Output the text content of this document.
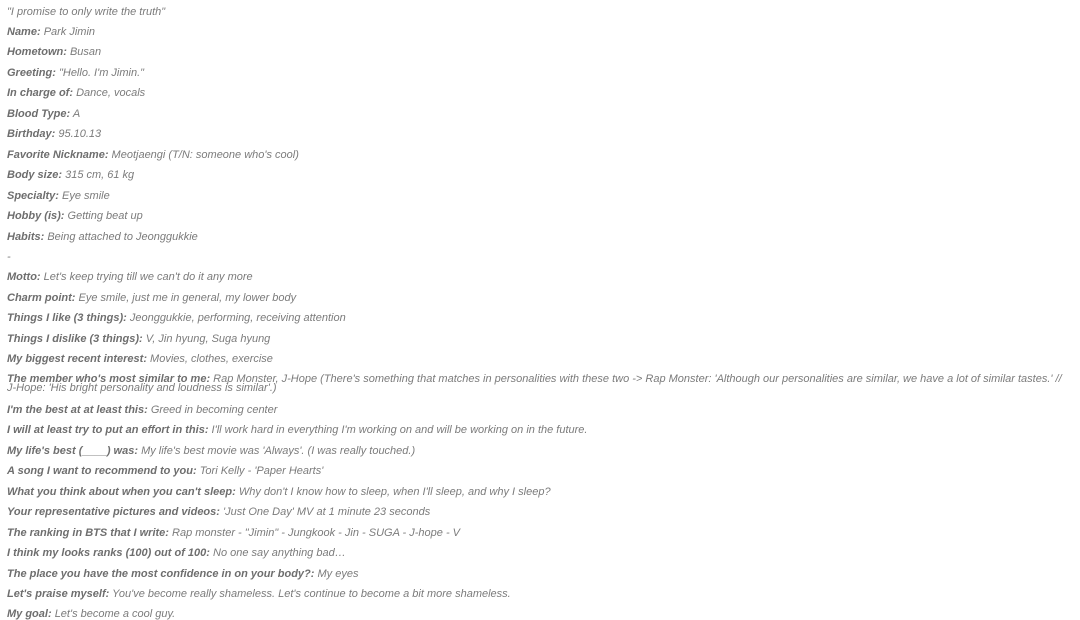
"I promise to only write the truth"
Name: Park Jimin
Hometown: Busan
Greeting: "Hello. I'm Jimin."
In charge of: Dance, vocals
Blood Type: A
Birthday: 95.10.13
Favorite Nickname: Meotjaengi (T/N: someone who's cool)
Body size: 315 cm, 61 kg
Specialty: Eye smile
Hobby (is): Getting beat up
Habits: Being attached to Jeonggukkie
-
Motto: Let's keep trying till we can't do it any more
Charm point: Eye smile, just me in general, my lower body
Things I like (3 things): Jeonggukkie, performing, receiving attention
Things I dislike (3 things): V, Jin hyung, Suga hyung
My biggest recent interest: Movies, clothes, exercise
The member who's most similar to me: Rap Monster, J-Hope (There's something that matches in personalities with these two -> Rap Monster: 'Although our personalities are similar, we have a lot of similar tastes.' // J-Hope: 'His bright personality and loudness is similar'.)
I'm the best at at least this: Greed in becoming center
I will at least try to put an effort in this: I'll work hard in everything I'm working on and will be working on in the future.
My life's best (____) was: My life's best movie was 'Always'. (I was really touched.)
A song I want to recommend to you: Tori Kelly - 'Paper Hearts'
What you think about when you can't sleep: Why don't I know how to sleep, when I'll sleep, and why I sleep?
Your representative pictures and videos: 'Just One Day' MV at 1 minute 23 seconds
The ranking in BTS that I write: Rap monster - "Jimin" - Jungkook - Jin - SUGA - J-hope - V
I think my looks ranks (100) out of 100: No one say anything bad…
The place you have the most confidence in on your body?: My eyes
Let's praise myself: You've become really shameless. Let's continue to become a bit more shameless.
My goal: Let's become a cool guy.
